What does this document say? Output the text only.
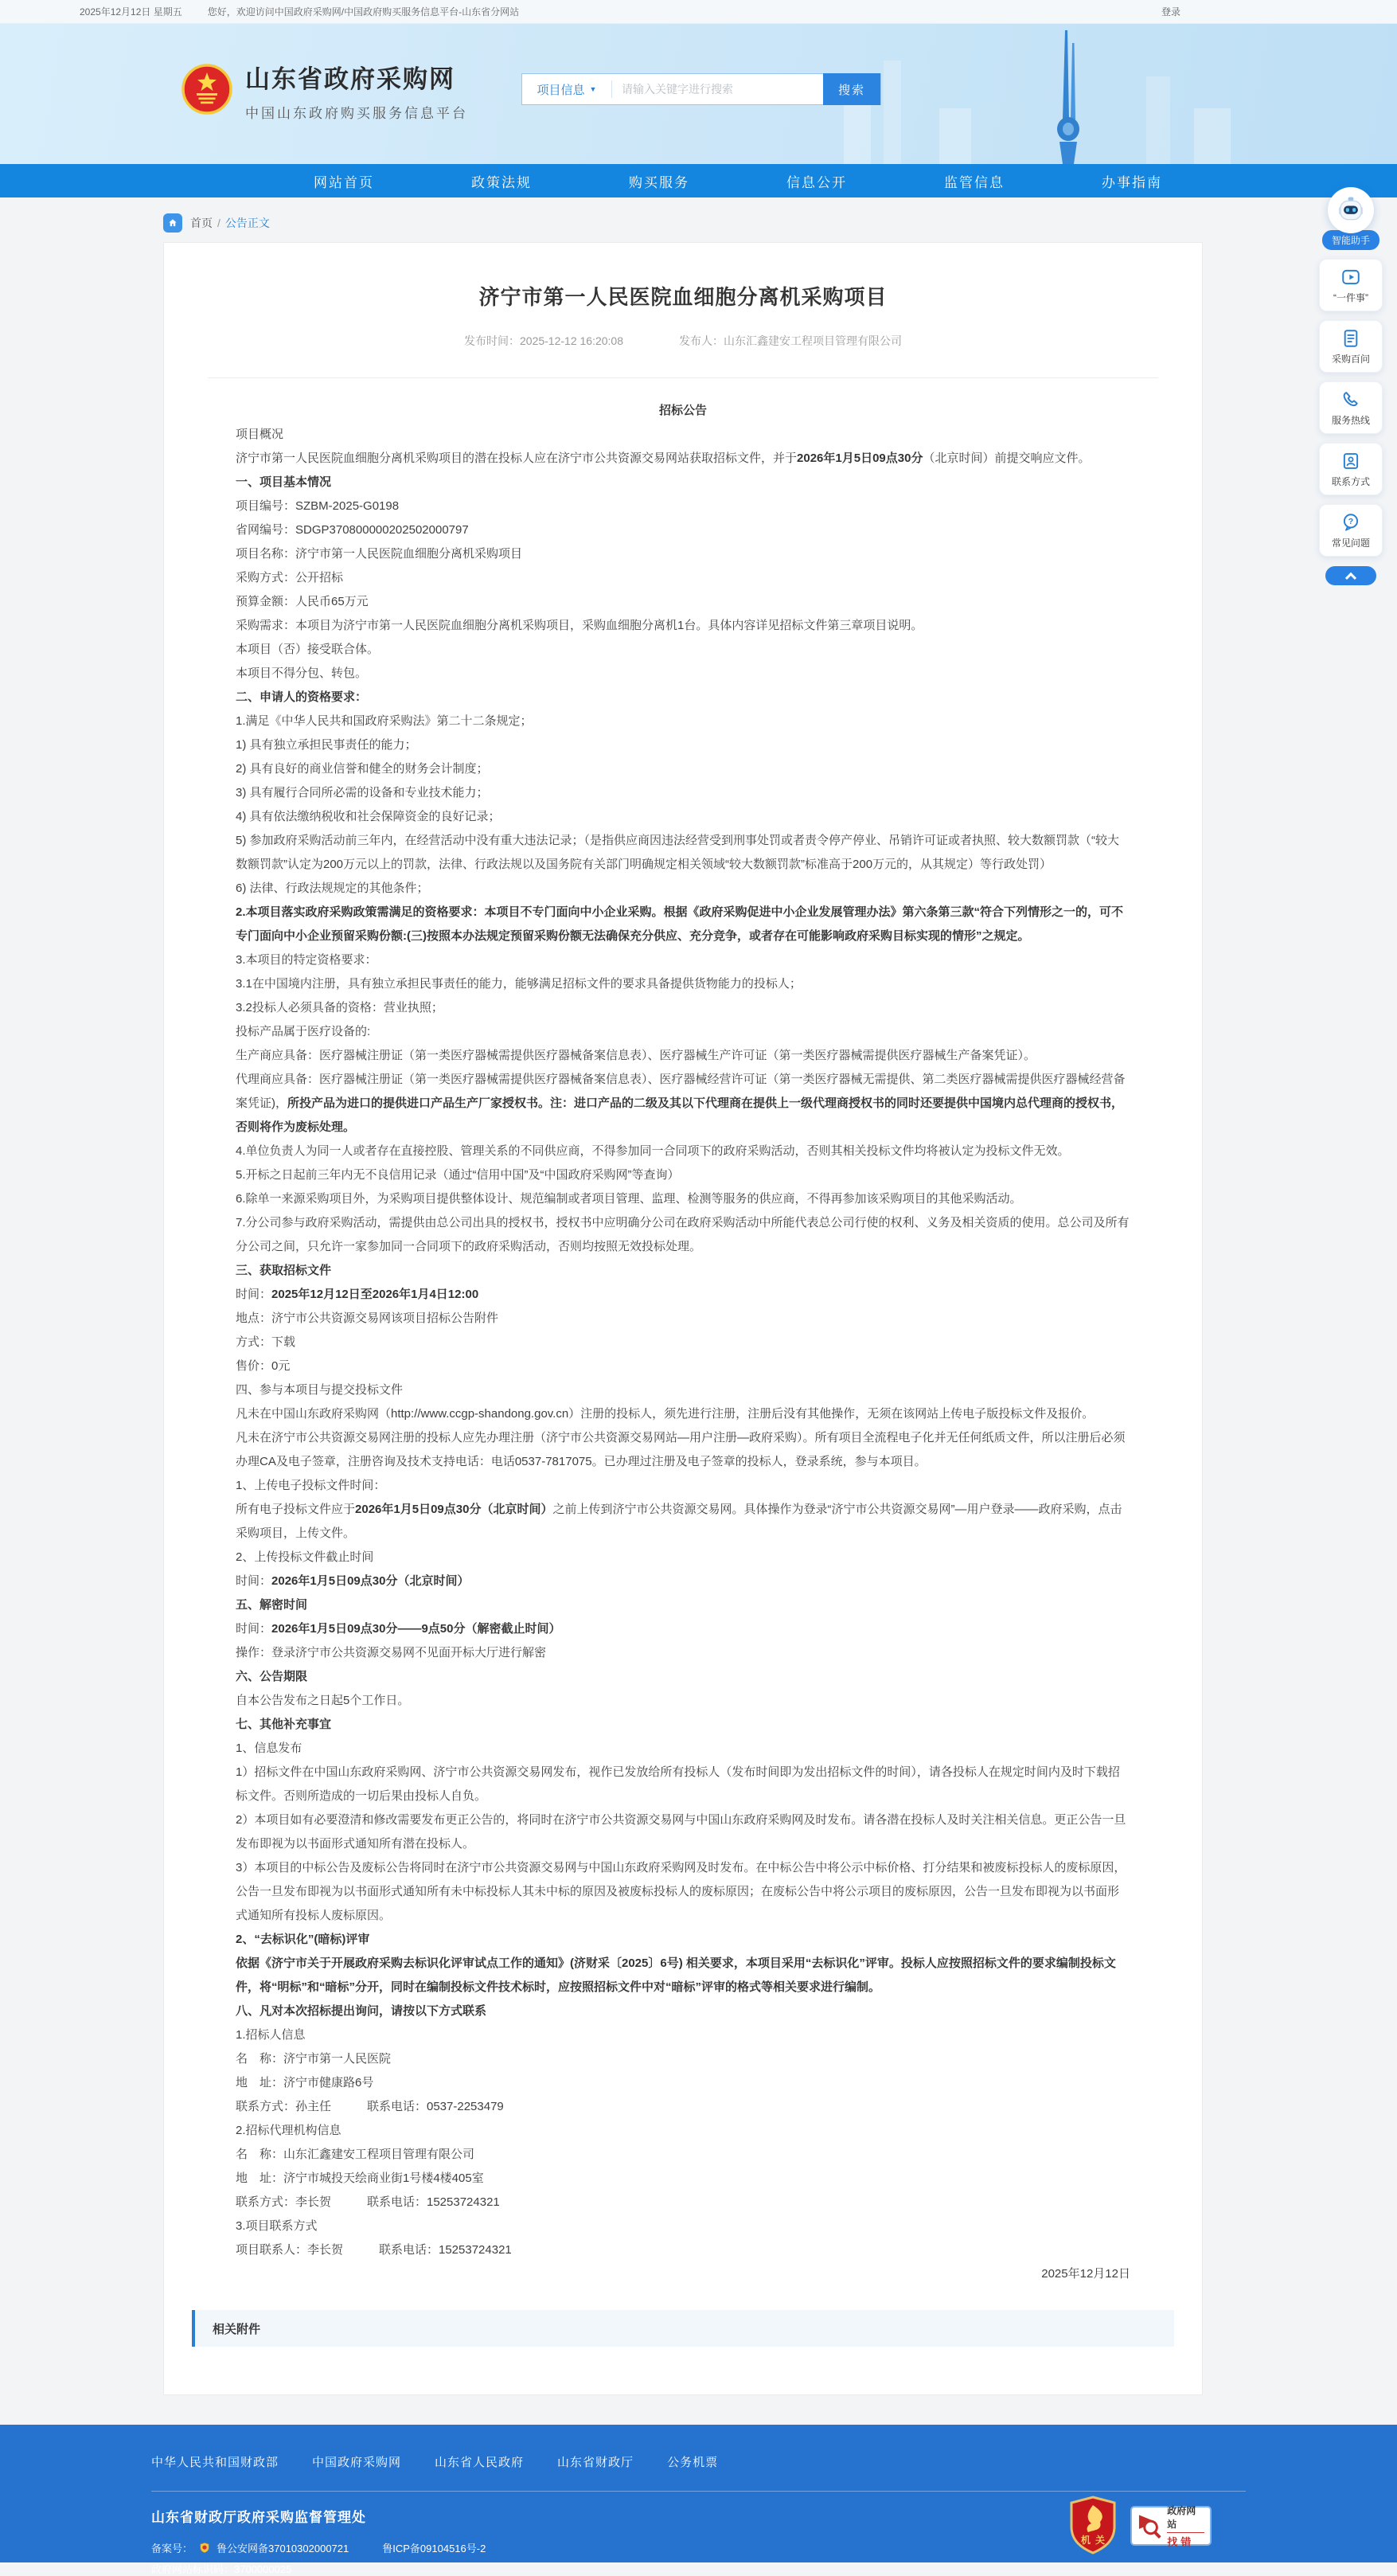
2025年12月12日 星期五	您好，欢迎访问中国政府采购网/中国政府购买服务信息平台-山东省分网站	登录
山东省政府采购网
中国山东政府购买服务信息平台
项目信息 ▼
请输入关键字进行搜索	搜索
网站首页	政策法规	购买服务	信息公开	监管信息	办事指南
首页 / 公告正文
济宁市第一人民医院血细胞分离机采购项目
发布时间：2025-12-12 16:20:08	发布人：山东汇鑫建安工程项目管理有限公司

招标公告

项目概况

济宁市第一人民医院血细胞分离机采购项目的潜在投标人应在济宁市公共资源交易网站获取招标文件，并于2026年1月5日09点30分（北京时间）前提交响应文件。

一、项目基本情况

项目编号：SZBM-2025-G0198

省网编号：SDGP370800000202502000797

项目名称：济宁市第一人民医院血细胞分离机采购项目

采购方式：公开招标

预算金额：人民币65万元

采购需求：本项目为济宁市第一人民医院血细胞分离机采购项目，采购血细胞分离机1台。具体内容详见招标文件第三章项目说明。

本项目（否）接受联合体。

本项目不得分包、转包。

二、申请人的资格要求：

1.满足《中华人民共和国政府采购法》第二十二条规定；

1) 具有独立承担民事责任的能力；

2) 具有良好的商业信誉和健全的财务会计制度；

3) 具有履行合同所必需的设备和专业技术能力；

4) 具有依法缴纳税收和社会保障资金的良好记录；

5) 参加政府采购活动前三年内，在经营活动中没有重大违法记录；（是指供应商因违法经营受到刑事处罚或者责令停产停业、吊销许可证或者执照、较大数额罚款（“较大数额罚款”认定为200万元以上的罚款，法律、行政法规以及国务院有关部门明确规定相关领域“较大数额罚款”标准高于200万元的，从其规定）等行政处罚）

6) 法律、行政法规规定的其他条件；

2.本项目落实政府采购政策需满足的资格要求：本项目不专门面向中小企业采购。根据《政府采购促进中小企业发展管理办法》第六条第三款“符合下列情形之一的，可不专门面向中小企业预留采购份额:(三)按照本办法规定预留采购份额无法确保充分供应、充分竞争，或者存在可能影响政府采购目标实现的情形”之规定。

3.本项目的特定资格要求：

3.1在中国境内注册，具有独立承担民事责任的能力，能够满足招标文件的要求具备提供货物能力的投标人；

3.2投标人必须具备的资格：营业执照；

投标产品属于医疗设备的:

生产商应具备：医疗器械注册证（第一类医疗器械需提供医疗器械备案信息表）、医疗器械生产许可证（第一类医疗器械需提供医疗器械生产备案凭证）。

代理商应具备：医疗器械注册证（第一类医疗器械需提供医疗器械备案信息表）、医疗器械经营许可证（第一类医疗器械无需提供、第二类医疗器械需提供医疗器械经营备案凭证)，所投产品为进口的提供进口产品生产厂家授权书。注：进口产品的二级及其以下代理商在提供上一级代理商授权书的同时还要提供中国境内总代理商的授权书，否则将作为废标处理。

4.单位负责人为同一人或者存在直接控股、管理关系的不同供应商，不得参加同一合同项下的政府采购活动，否则其相关投标文件均将被认定为投标文件无效。

5.开标之日起前三年内无不良信用记录（通过“信用中国”及“中国政府采购网”等查询）

6.除单一来源采购项目外，为采购项目提供整体设计、规范编制或者项目管理、监理、检测等服务的供应商，不得再参加该采购项目的其他采购活动。

7.分公司参与政府采购活动，需提供由总公司出具的授权书，授权书中应明确分公司在政府采购活动中所能代表总公司行使的权利、义务及相关资质的使用。总公司及所有分公司之间，只允许一家参加同一合同项下的政府采购活动，否则均按照无效投标处理。

三、获取招标文件

时间：2025年12月12日至2026年1月4日12:00

地点：济宁市公共资源交易网该项目招标公告附件

方式：下载

售价：0元

四、参与本项目与提交投标文件

凡未在中国山东政府采购网（http://www.ccgp-shandong.gov.cn）注册的投标人，须先进行注册，注册后没有其他操作，无须在该网站上传电子版投标文件及报价。

凡未在济宁市公共资源交易网注册的投标人应先办理注册（济宁市公共资源交易网站—用户注册—政府采购）。所有项目全流程电子化并无任何纸质文件，所以注册后必须办理CA及电子签章，注册咨询及技术支持电话：电话0537-7817075。已办理过注册及电子签章的投标人，登录系统，参与本项目。

1、上传电子投标文件时间：

所有电子投标文件应于2026年1月5日09点30分（北京时间）之前上传到济宁市公共资源交易网。具体操作为登录“济宁市公共资源交易网”—用户登录——政府采购，点击采购项目，上传文件。

2、上传投标文件截止时间

时间：2026年1月5日09点30分（北京时间）

五、解密时间

时间：2026年1月5日09点30分——9点50分（解密截止时间）

操作：登录济宁市公共资源交易网不见面开标大厅进行解密

六、公告期限

自本公告发布之日起5个工作日。

七、其他补充事宜

1、信息发布

1）招标文件在中国山东政府采购网、济宁市公共资源交易网发布，视作已发放给所有投标人（发布时间即为发出招标文件的时间），请各投标人在规定时间内及时下载招标文件。否则所造成的一切后果由投标人自负。

2）本项目如有必要澄清和修改需要发布更正公告的，将同时在济宁市公共资源交易网与中国山东政府采购网及时发布。请各潜在投标人及时关注相关信息。更正公告一旦发布即视为以书面形式通知所有潜在投标人。

3）本项目的中标公告及废标公告将同时在济宁市公共资源交易网与中国山东政府采购网及时发布。在中标公告中将公示中标价格、打分结果和被废标投标人的废标原因，公告一旦发布即视为以书面形式通知所有未中标投标人其未中标的原因及被废标投标人的废标原因；在废标公告中将公示项目的废标原因，公告一旦发布即视为以书面形式通知所有投标人废标原因。

2、“去标识化”(暗标)评审

依据《济宁市关于开展政府采购去标识化评审试点工作的通知》(济财采〔2025〕6号) 相关要求，本项目采用“去标识化”评审。投标人应按照招标文件的要求编制投标文件，将“明标”和“暗标”分开，同时在编制投标文件技术标时，应按照招标文件中对“暗标”评审的格式等相关要求进行编制。

八、凡对本次招标提出询问，请按以下方式联系

1.招标人信息

名　称：济宁市第一人民医院

地　址：济宁市健康路6号

联系方式：孙主任　　　联系电话：0537-2253479

2.招标代理机构信息

名　称：山东汇鑫建安工程项目管理有限公司

地　址：济宁市城投天绘商业街1号楼4楼405室

联系方式：李长贺　　　联系电话：15253724321

3.项目联系方式

项目联系人：李长贺　　　联系电话：15253724321

2025年12月12日

相关附件
智能助手
“一件事”
采购百问
服务热线
联系方式
?
常见问题
中华人民共和国财政部	中国政府采购网	山东省人民政府	山东省财政厅	公务机票
山东省财政厅政府采购监督管理处
备案号： 鲁公安网备37010302000721	鲁ICP备09104516号-2
政府网站标识码：3700000025
机关
政府网站
找错
